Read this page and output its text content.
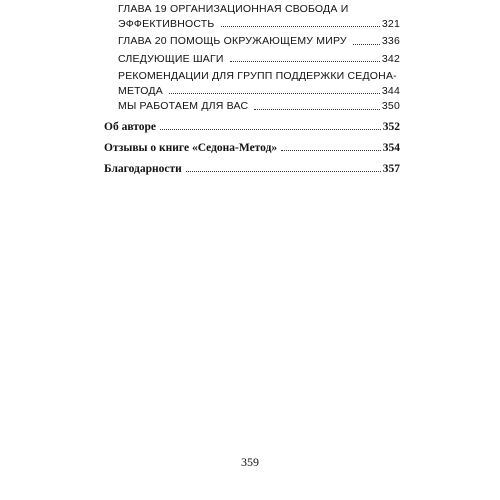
ГЛАВА 19 ОРГАНИЗАЦИОННАЯ СВОБОДА И
ЭФФЕКТИВНОСТЬ	321
ГЛАВА 20 ПОМОЩЬ ОКРУЖАЮЩЕМУ МИРУ	336
СЛЕДУЮЩИЕ ШАГИ	342
РЕКОМЕНДАЦИИ ДЛЯ ГРУПП ПОДДЕРЖКИ СЕДОНА-
МЕТОДА	344
МЫ РАБОТАЕМ ДЛЯ ВАС	350
Об авторе	352
Отзывы о книге «Седона-Метод»	354
Благодарности	357
359
